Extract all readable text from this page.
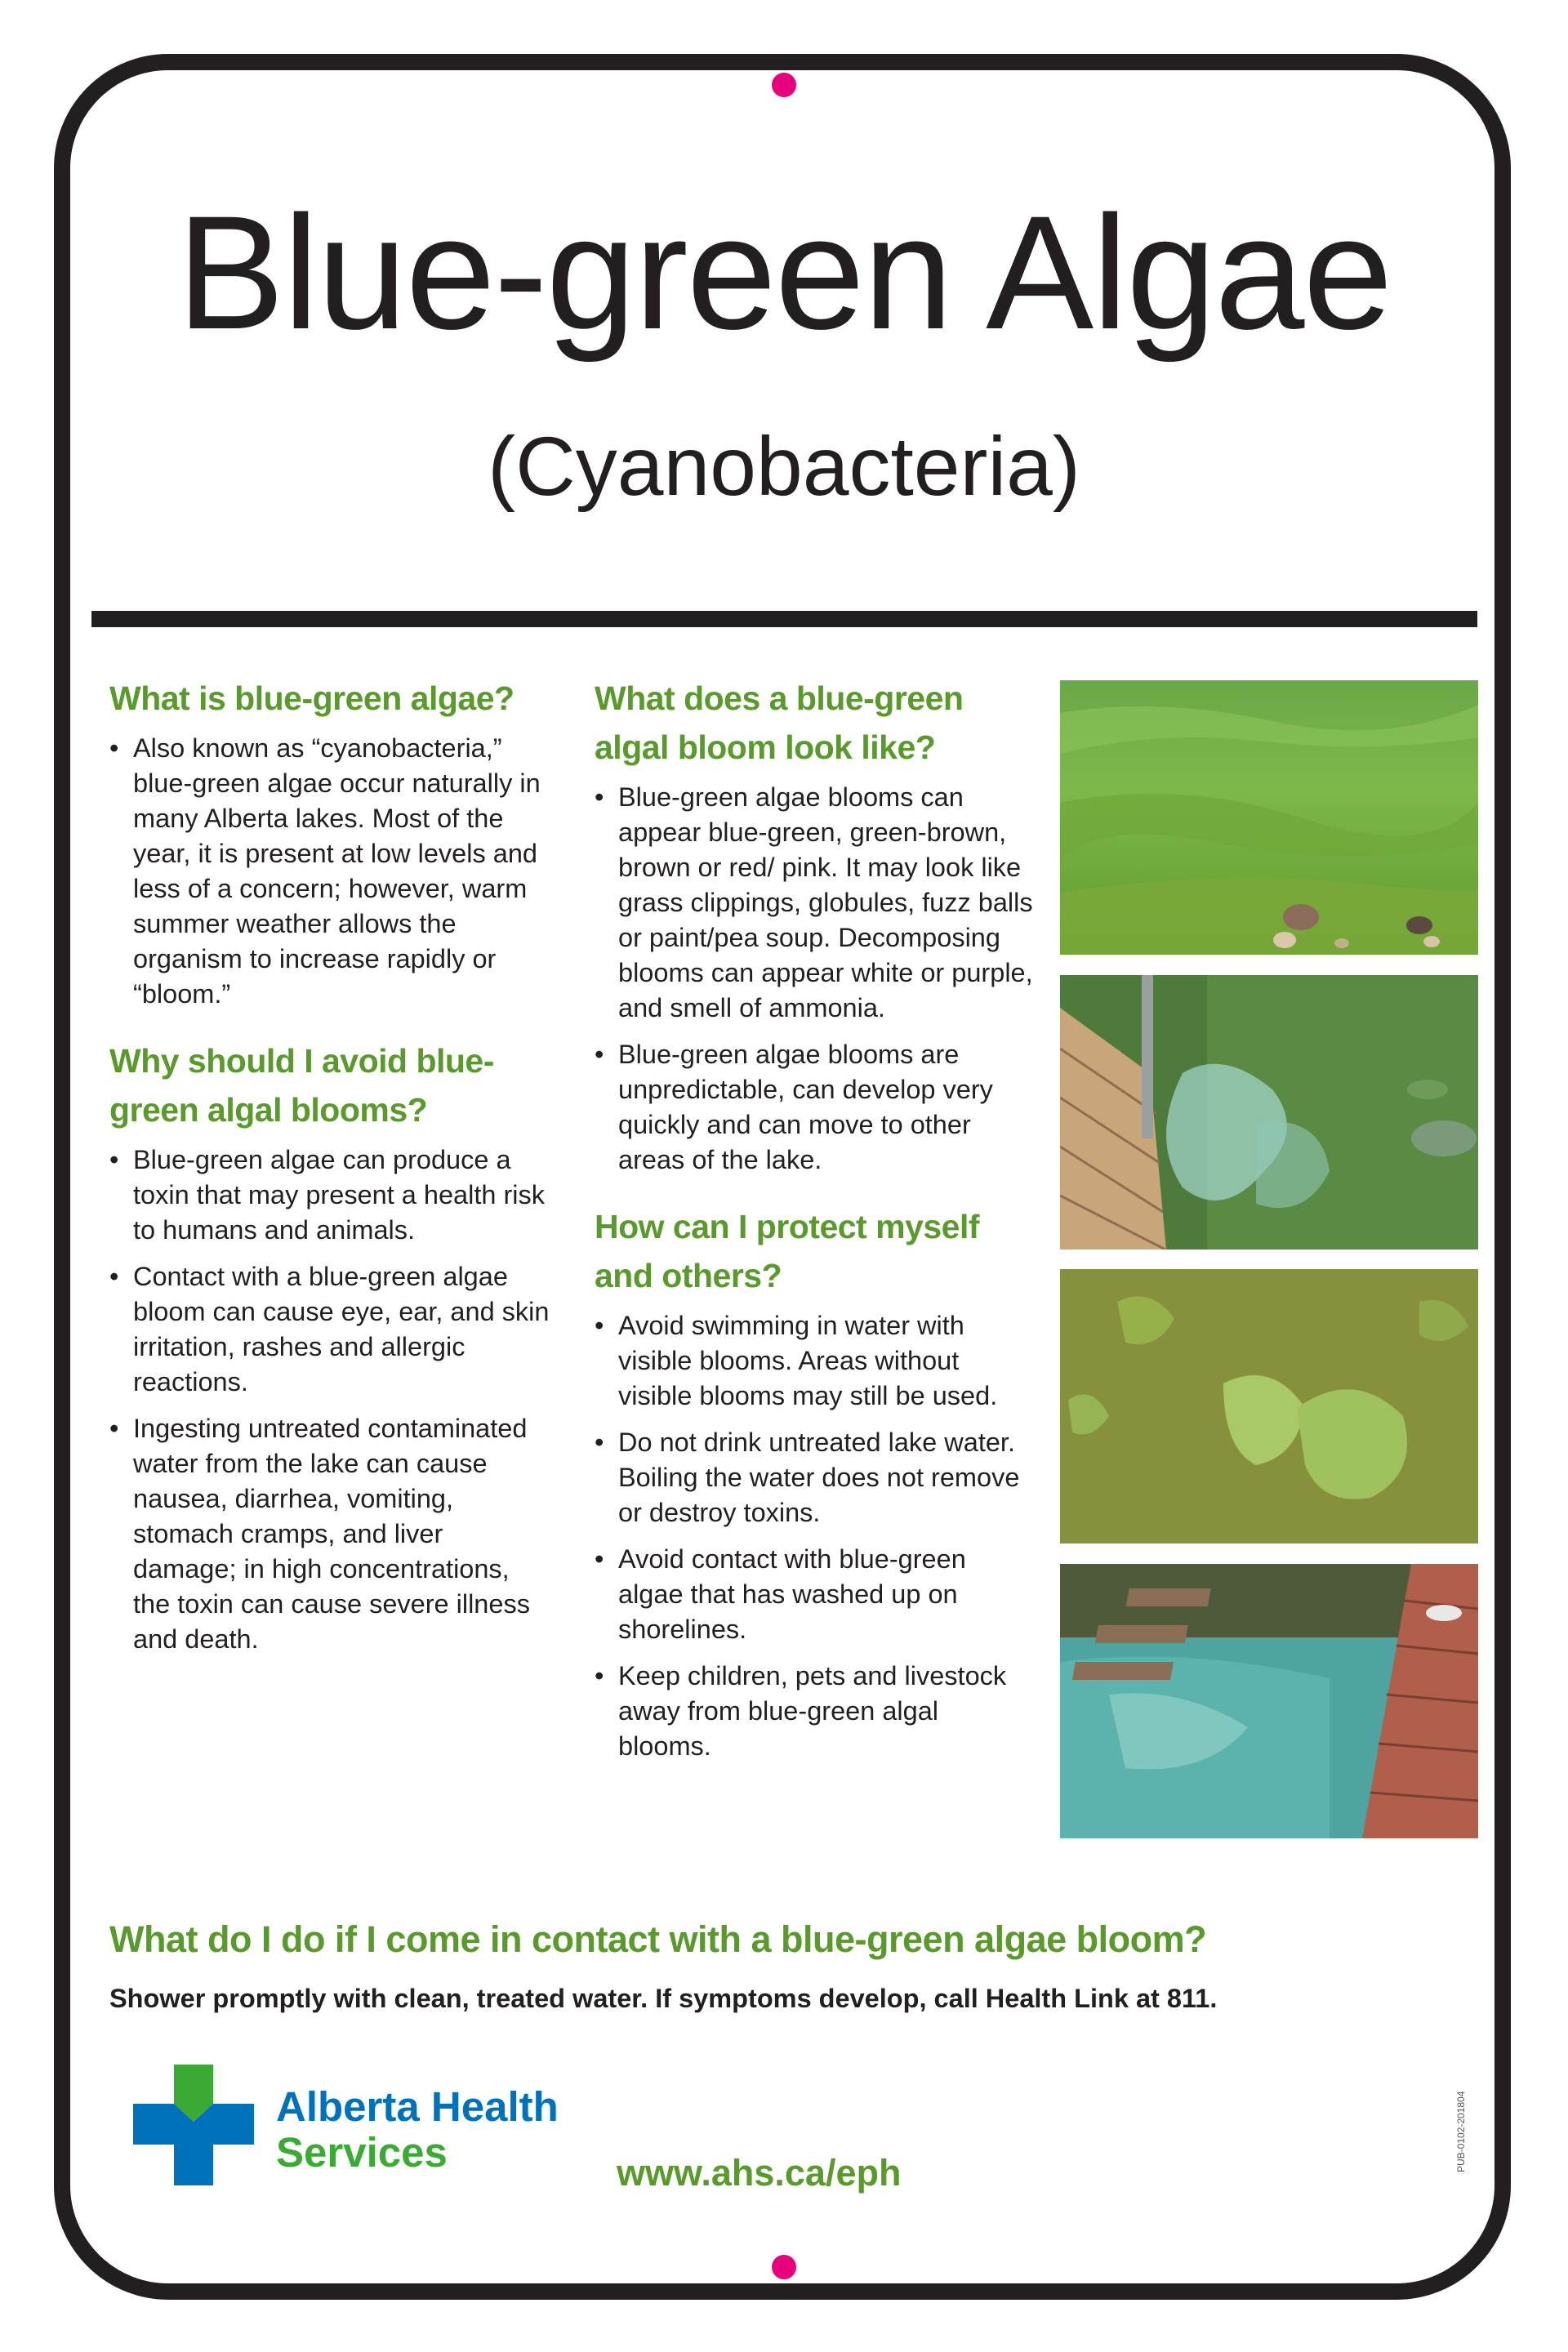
Blue-green Algae
(Cyanobacteria)
What is blue-green algae?
• Also known as “cyanobacteria,” blue-green algae occur naturally in many Alberta lakes. Most of the year, it is present at low levels and less of a concern; however, warm summer weather allows the organism to increase rapidly or “bloom.”
Why should I avoid blue-green algal blooms?
• Blue-green algae can produce a toxin that may present a health risk to humans and animals.
• Contact with a blue-green algae bloom can cause eye, ear, and skin irritation, rashes and allergic reactions.
• Ingesting untreated contaminated water from the lake can cause nausea, diarrhea, vomiting, stomach cramps, and liver damage; in high concentrations, the toxin can cause severe illness and death.
What does a blue-green algal bloom look like?
• Blue-green algae blooms can appear blue-green, green-brown, brown or red/ pink. It may look like grass clippings, globules, fuzz balls or paint/pea soup. Decomposing blooms can appear white or purple, and smell of ammonia.
• Blue-green algae blooms are unpredictable, can develop very quickly and can move to other areas of the lake.
How can I protect myself and others?
• Avoid swimming in water with visible blooms. Areas without visible blooms may still be used.
• Do not drink untreated lake water. Boiling the water does not remove or destroy toxins.
• Avoid contact with blue-green algae that has washed up on shorelines.
• Keep children, pets and livestock away from blue-green algal blooms.
What do I do if I come in contact with a blue-green algae bloom?
Shower promptly with clean, treated water. If symptoms develop, call Health Link at 811.
Alberta Health
Services	www.ahs.ca/eph
PUB-0102-201804
